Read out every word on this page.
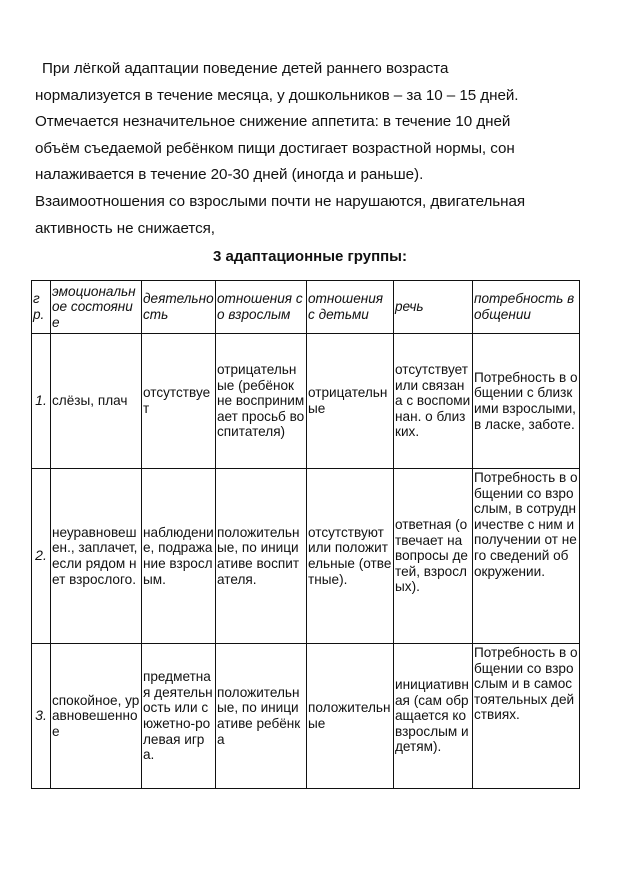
При лёгкой адаптации поведение детей раннего возраста
нормализуется в течение месяца, у дошкольников – за 10 – 15 дней.
Отмечается незначительное снижение аппетита: в течение 10 дней
объём съедаемой ребёнком пищи достигает возрастной нормы, сон
налаживается в течение 20-30 дней (иногда и раньше).
Взаимоотношения со взрослыми почти не нарушаются, двигательная
активность не снижается,

3 адаптационные группы:
гр.	эмоциональное состояние	деятельность	отношения со взрослым	отношения с детьми	речь	потребность в общении
1.	слёзы, плач	отсутствует	отрицательные (ребёнок не воспринимает просьб воспитателя)	отрицательные	отсутствует или связана с воспоминан. о близких.	Потребность в общении с близкими взрослыми, в ласке, заботе.
2.	неуравновешен., заплачет, если рядом нет взрослого.	наблюдение, подражание взрослым.	положительные, по инициативе воспитателя.	отсутствуют или положительные (ответные).	ответная (отвечает на вопросы детей, взрослых).	Потребность в общении со взрослым, в сотрудничестве с ним и получении от него сведений об окружении.
3.	спокойное, уравновешенное	предметная деятельность или сюжетно-ролевая игра.	положительные, по инициативе ребёнка	положительные	инициативная (сам обращается ко взрослым и детям).	Потребность в общении со взрослым и в самостоятельных действиях.
